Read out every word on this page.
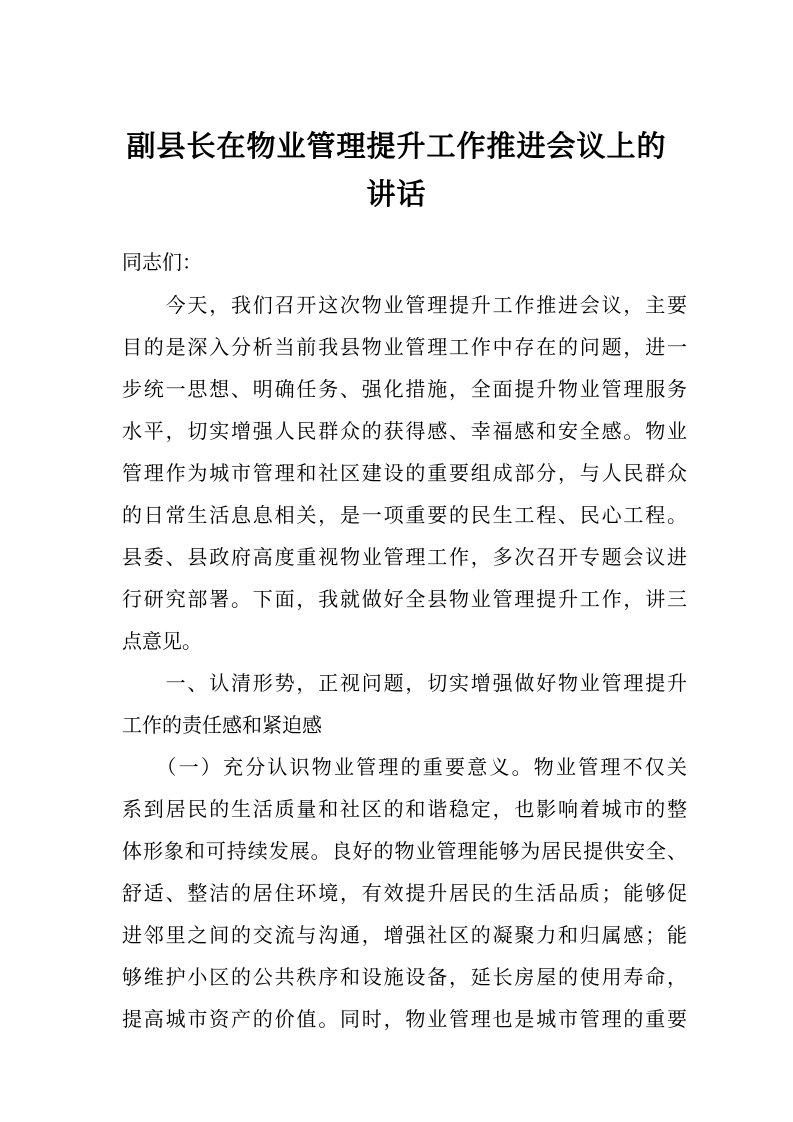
副县长在物业管理提升工作推进会议上的
讲话

同志们：

　　今天，我们召开这次物业管理提升工作推进会议，主要

目的是深入分析当前我县物业管理工作中存在的问题，进一

步统一思想、明确任务、强化措施，全面提升物业管理服务

水平，切实增强人民群众的获得感、幸福感和安全感。物业

管理作为城市管理和社区建设的重要组成部分，与人民群众

的日常生活息息相关，是一项重要的民生工程、民心工程。

县委、县政府高度重视物业管理工作，多次召开专题会议进

行研究部署。下面，我就做好全县物业管理提升工作，讲三

点意见。

　　一、认清形势，正视问题，切实增强做好物业管理提升

工作的责任感和紧迫感

　　（一）充分认识物业管理的重要意义。物业管理不仅关

系到居民的生活质量和社区的和谐稳定，也影响着城市的整

体形象和可持续发展。良好的物业管理能够为居民提供安全、

舒适、整洁的居住环境，有效提升居民的生活品质；能够促

进邻里之间的交流与沟通，增强社区的凝聚力和归属感；能

够维护小区的公共秩序和设施设备，延长房屋的使用寿命，

提高城市资产的价值。同时，物业管理也是城市管理的重要
